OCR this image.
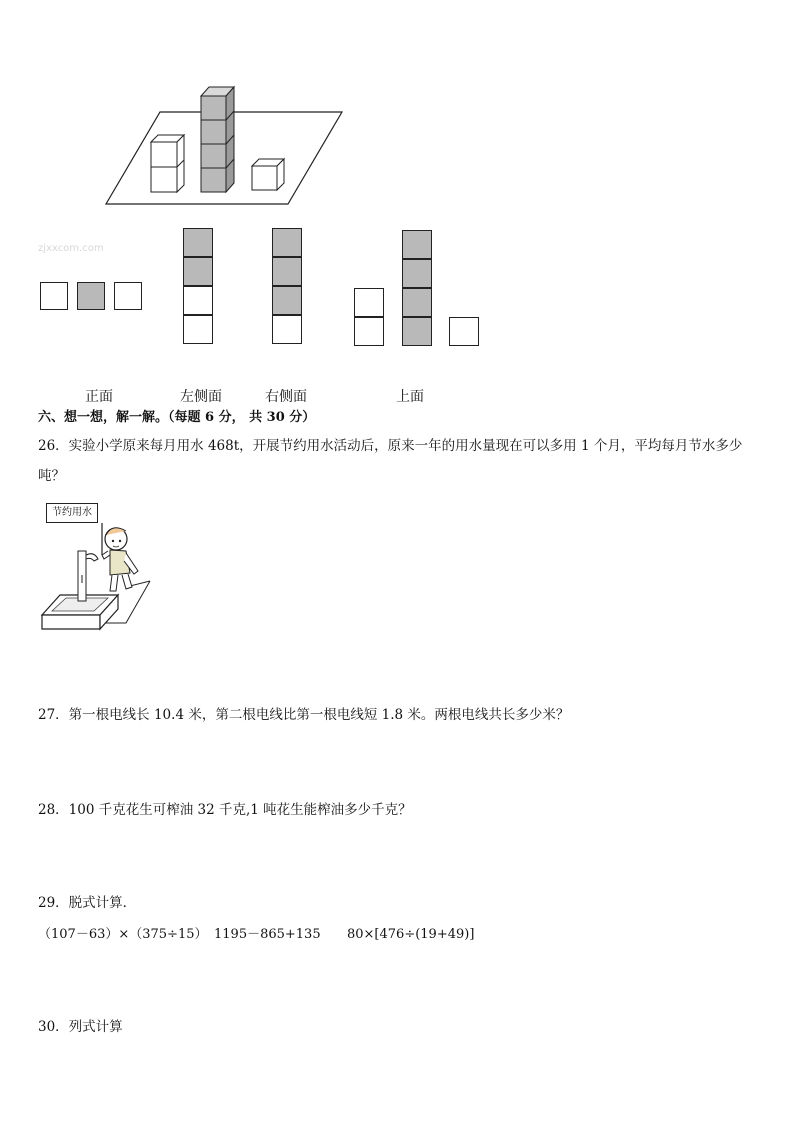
zjxxcom.com
正面	左侧面	右侧面	上面
六、想一想，解一解。（每题 6 分， 共 30 分）
26．实验小学原来每月用水 468t，开展节约用水活动后，原来一年的用水量现在可以多用 1 个月，平均每月节水多少
吨？
节约用水
27．第一根电线长 10.4 米，第二根电线比第一根电线短 1.8 米。两根电线共长多少米？
28．100 千克花生可榨油 32 千克,1 吨花生能榨油多少千克？
29．脱式计算．
（107－63）×（375÷15） 1195－865+135 80×[476÷(19+49)]
30．列式计算
